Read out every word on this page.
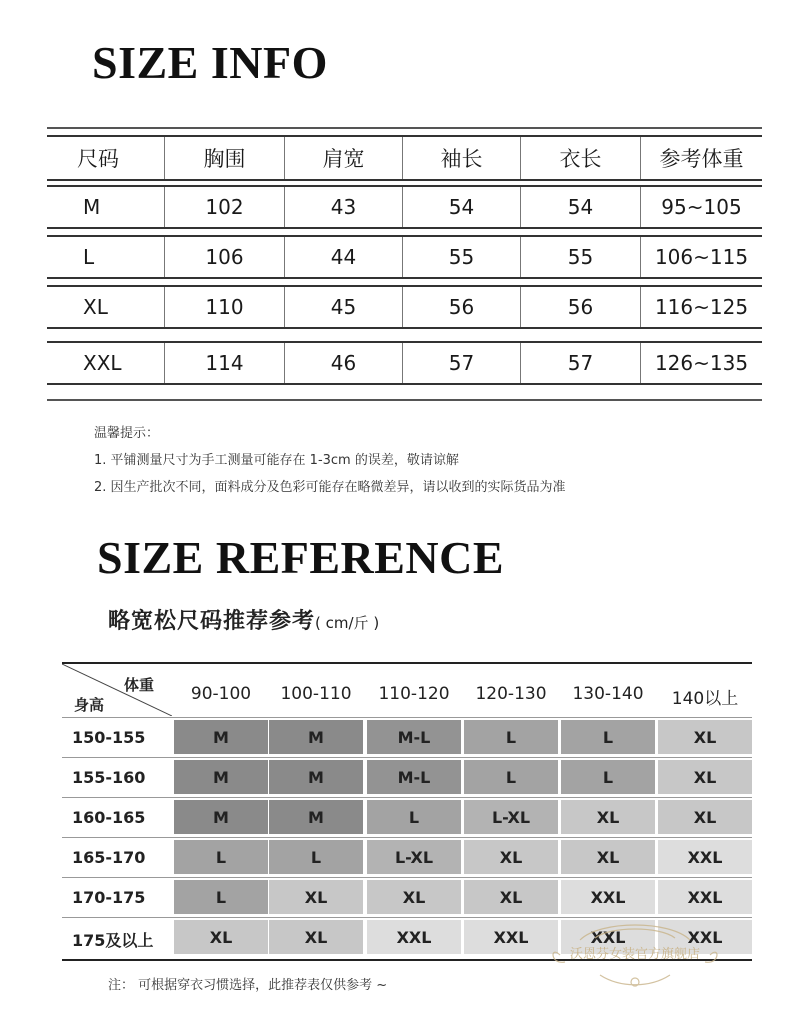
SIZE INFO
尺码	胸围	肩宽	袖长	衣长	参考体重
M	102	43	54	54	95~105
L	106	44	55	55	106~115
XL	110	45	56	56	116~125
XXL	114	46	57	57	126~135
温馨提示：
1. 平铺测量尺寸为手工测量可能存在 1-3cm 的误差，敬请谅解
2. 因生产批次不同，面料成分及色彩可能存在略微差异，请以收到的实际货品为准
SIZE REFERENCE
略宽松尺码推荐参考( cm/斤 )
体重
身高
90-100	100-110	110-120	120-130	130-140	140以上
150-155	M	M	M-L	L	L	XL
155-160	M	M	M-L	L	L	XL
160-165	M	M	L	L-XL	XL	XL
165-170	L	L	L-XL	XL	XL	XXL
170-175	L	XL	XL	XL	XXL	XXL
175及以上	XL	XL	XXL	XXL	XXL	XXL
注： 可根据穿衣习惯选择，此推荐表仅供参考 ~
沃恩芬女装官方旗舰店
